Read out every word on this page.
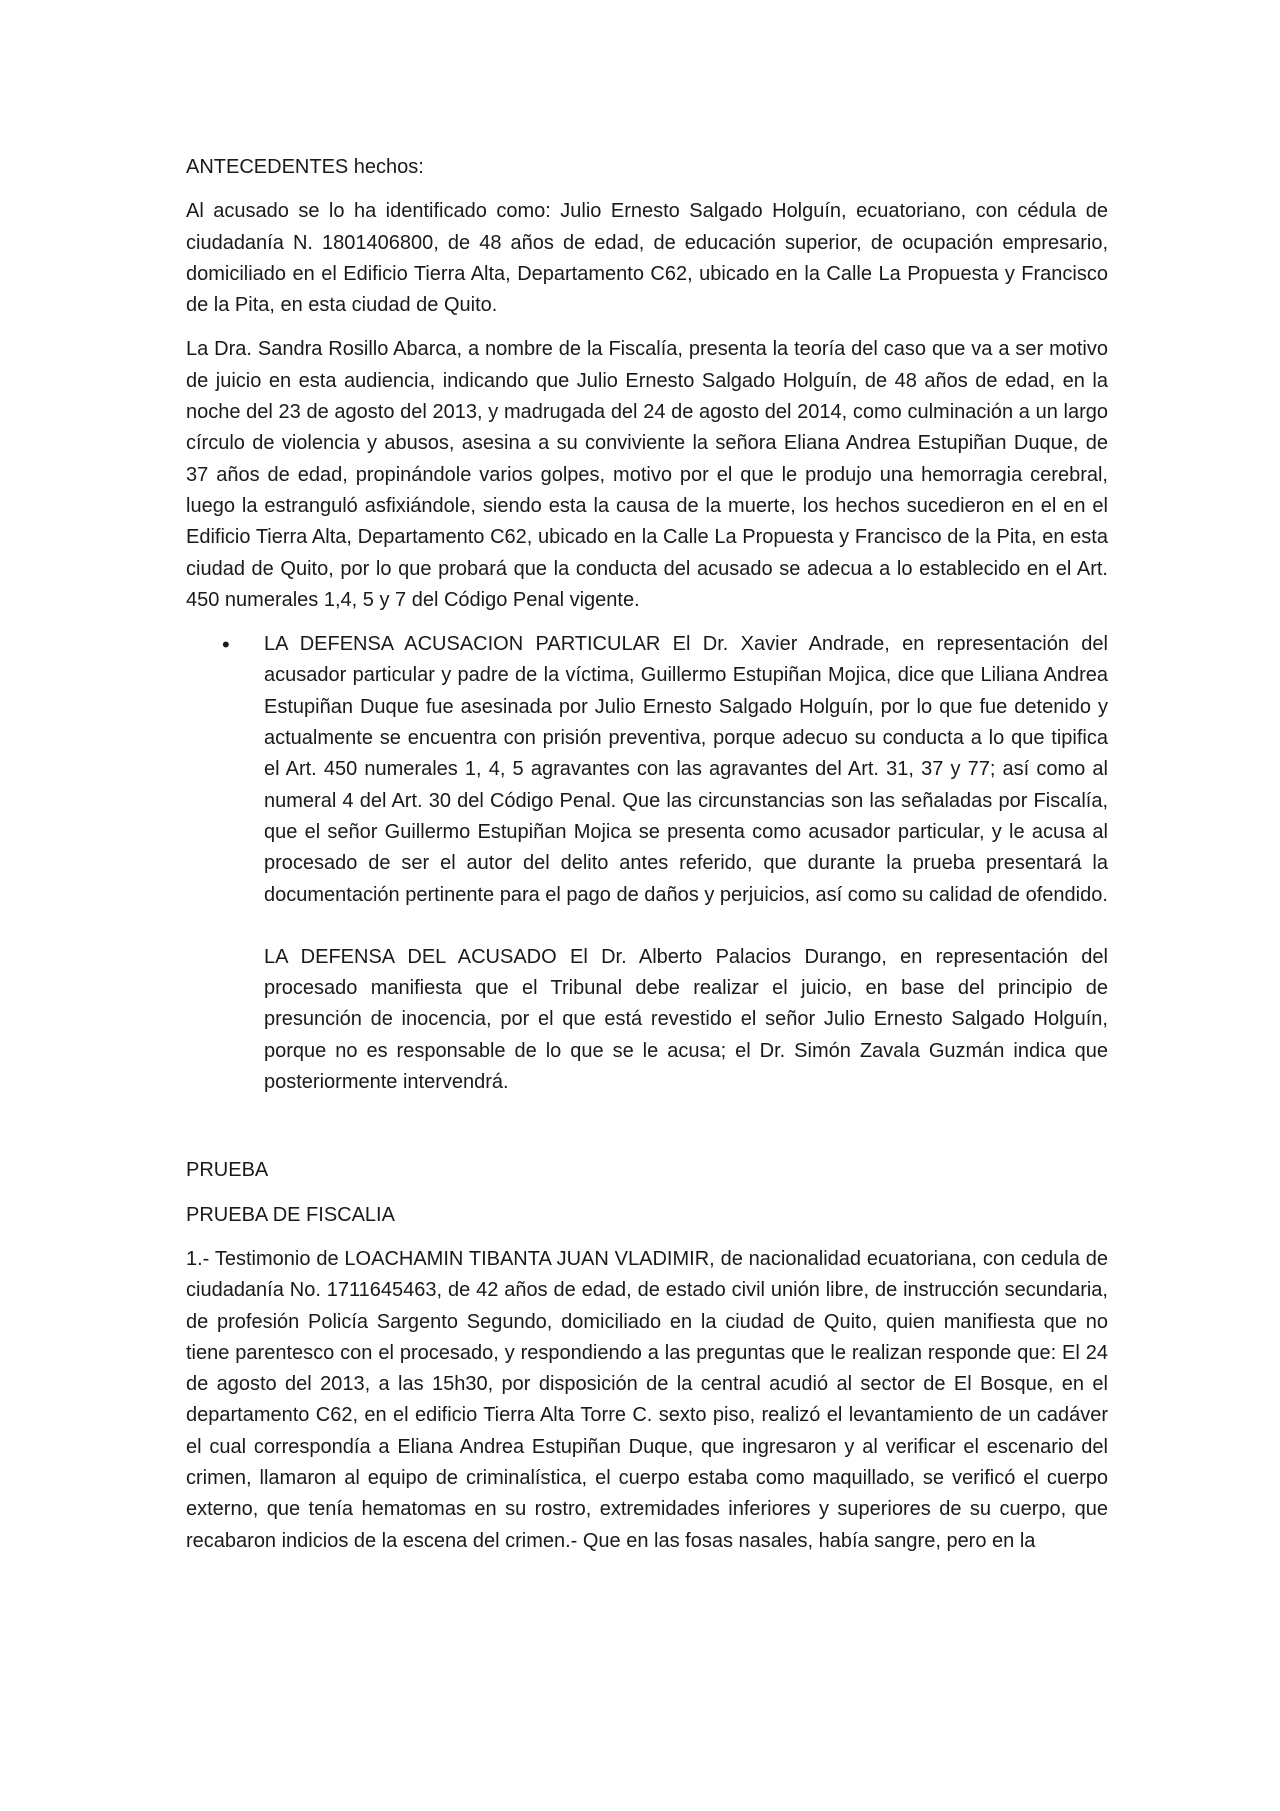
ANTECEDENTES hechos:

Al acusado se lo ha identificado como: Julio Ernesto Salgado Holguín, ecuatoriano, con cédula de ciudadanía N. 1801406800, de 48 años de edad, de educación superior, de ocupación empresario, domiciliado en el Edificio Tierra Alta, Departamento C62, ubicado en la Calle La Propuesta y Francisco de la Pita, en esta ciudad de Quito.

La Dra. Sandra Rosillo Abarca, a nombre de la Fiscalía, presenta la teoría del caso que va a ser motivo de juicio en esta audiencia, indicando que Julio Ernesto Salgado Holguín, de 48 años de edad, en la noche del 23 de agosto del 2013, y madrugada del 24 de agosto del 2014, como culminación a un largo círculo de violencia y abusos, asesina a su conviviente la señora Eliana Andrea Estupiñan Duque, de 37 años de edad, propinándole varios golpes, motivo por el que le produjo una hemorragia cerebral, luego la estranguló asfixiándole, siendo esta la causa de la muerte, los hechos sucedieron en el en el Edificio Tierra Alta, Departamento C62, ubicado en la Calle La Propuesta y Francisco de la Pita, en esta ciudad de Quito, por lo que probará que la conducta del acusado se adecua a lo establecido en el Art. 450 numerales 1,4, 5 y 7 del Código Penal vigente.

• LA DEFENSA ACUSACION PARTICULAR El Dr. Xavier Andrade, en representación del acusador particular y padre de la víctima, Guillermo Estupiñan Mojica, dice que Liliana Andrea Estupiñan Duque fue asesinada por Julio Ernesto Salgado Holguín, por lo que fue detenido y actualmente se encuentra con prisión preventiva, porque adecuo su conducta a lo que tipifica el Art. 450 numerales 1, 4, 5 agravantes con las agravantes del Art. 31, 37 y 77; así como al numeral 4 del Art. 30 del Código Penal. Que las circunstancias son las señaladas por Fiscalía, que el señor Guillermo Estupiñan Mojica se presenta como acusador particular, y le acusa al procesado de ser el autor del delito antes referido, que durante la prueba presentará la documentación pertinente para el pago de daños y perjuicios, así como su calidad de ofendido.

LA DEFENSA DEL ACUSADO El Dr. Alberto Palacios Durango, en representación del procesado manifiesta que el Tribunal debe realizar el juicio, en base del principio de presunción de inocencia, por el que está revestido el señor Julio Ernesto Salgado Holguín, porque no es responsable de lo que se le acusa; el Dr. Simón Zavala Guzmán indica que posteriormente intervendrá.

PRUEBA

PRUEBA DE FISCALIA

1.- Testimonio de LOACHAMIN TIBANTA JUAN VLADIMIR, de nacionalidad ecuatoriana, con cedula de ciudadanía No. 1711645463, de 42 años de edad, de estado civil unión libre, de instrucción secundaria, de profesión Policía Sargento Segundo, domiciliado en la ciudad de Quito, quien manifiesta que no tiene parentesco con el procesado, y respondiendo a las preguntas que le realizan responde que: El 24 de agosto del 2013, a las 15h30, por disposición de la central acudió al sector de El Bosque, en el departamento C62, en el edificio Tierra Alta Torre C. sexto piso, realizó el levantamiento de un cadáver el cual correspondía a Eliana Andrea Estupiñan Duque, que ingresaron y al verificar el escenario del crimen, llamaron al equipo de criminalística, el cuerpo estaba como maquillado, se verificó el cuerpo externo, que tenía hematomas en su rostro, extremidades inferiores y superiores de su cuerpo, que recabaron indicios de la escena del crimen.- Que en las fosas nasales, había sangre, pero en la
